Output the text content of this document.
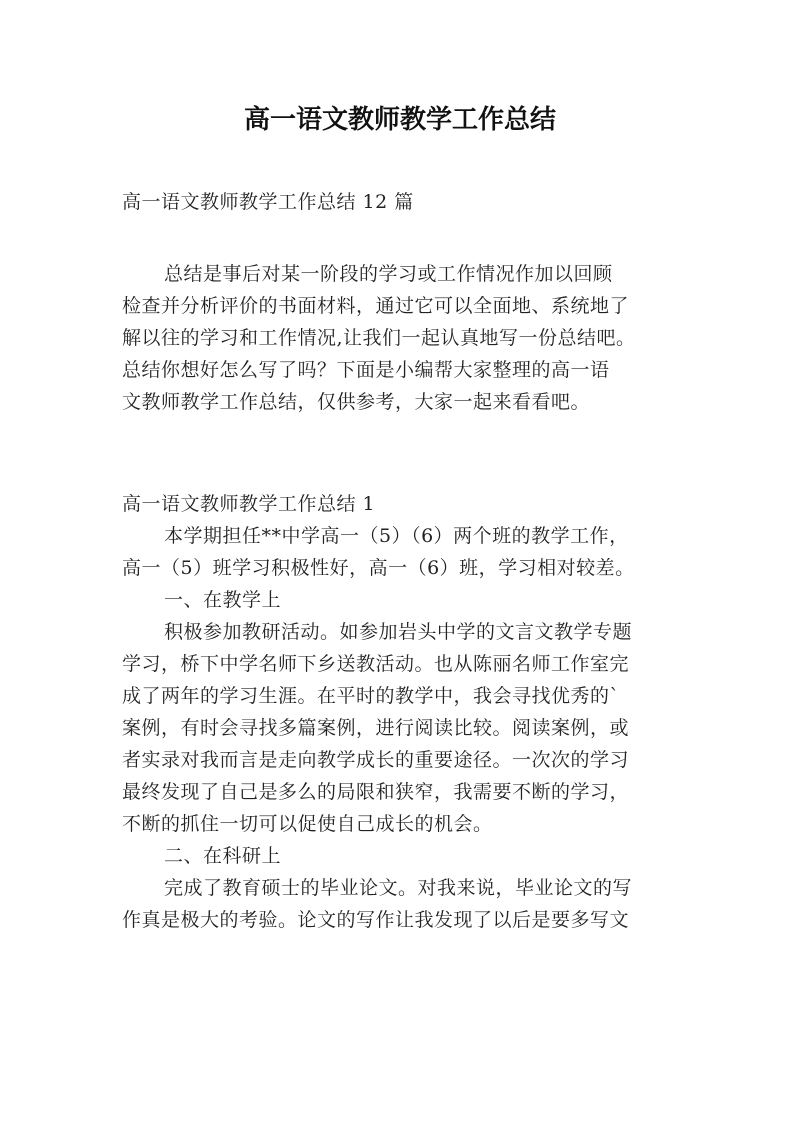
高一语文教师教学工作总结
高一语文教师教学工作总结 12 篇
总结是事后对某一阶段的学习或工作情况作加以回顾
检查并分析评价的书面材料，通过它可以全面地、系统地了
解以往的学习和工作情况,让我们一起认真地写一份总结吧。
总结你想好怎么写了吗？下面是小编帮大家整理的高一语
文教师教学工作总结，仅供参考，大家一起来看看吧。
高一语文教师教学工作总结 1
本学期担任**中学高一（5）（6）两个班的教学工作，
高一（5）班学习积极性好，高一（6）班，学习相对较差。
一、在教学上
积极参加教研活动。如参加岩头中学的文言文教学专题
学习，桥下中学名师下乡送教活动。也从陈丽名师工作室完
成了两年的学习生涯。在平时的教学中，我会寻找优秀的`
案例，有时会寻找多篇案例，进行阅读比较。阅读案例，或
者实录对我而言是走向教学成长的重要途径。一次次的学习
最终发现了自己是多么的局限和狭窄，我需要不断的学习，
不断的抓住一切可以促使自己成长的机会。
二、在科研上
完成了教育硕士的毕业论文。对我来说，毕业论文的写
作真是极大的考验。论文的写作让我发现了以后是要多写文
